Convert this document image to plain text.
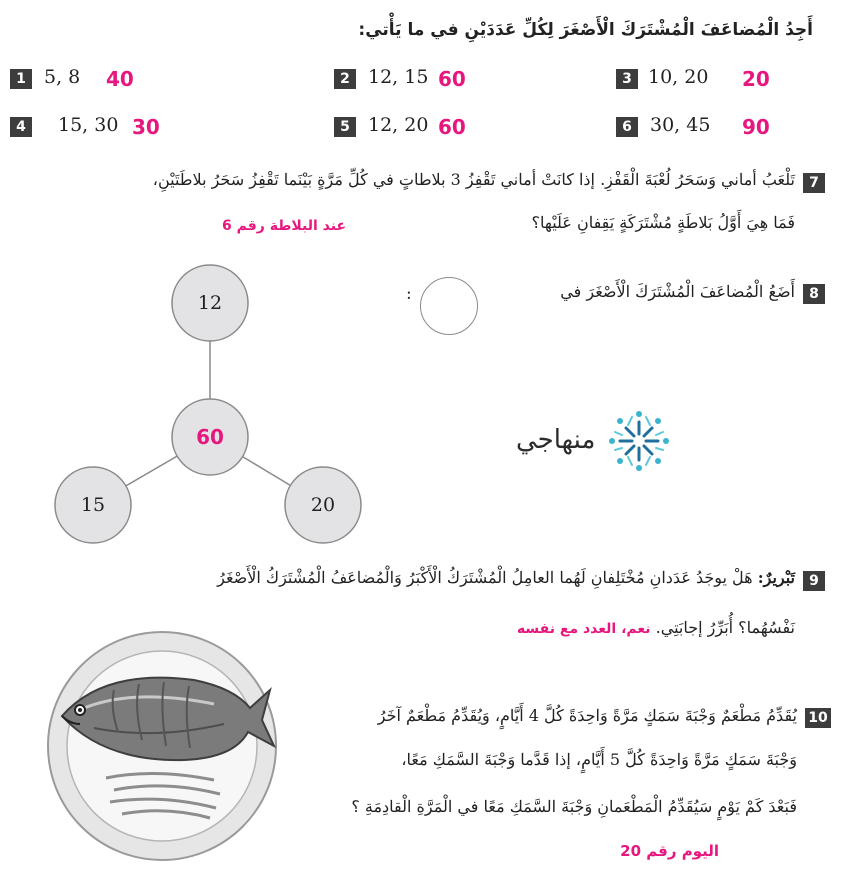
أَجِدُ الْمُضاعَفَ الْمُشْتَرَكَ الْأَصْغَرَ لِكُلِّ عَدَدَيْنِ في ما يَأْتي:
1 5, 8 40	2 12, 15 60	3 10, 20 20
4	15, 30 30	5 12, 20 60	6 30, 45 90
7
تَلْعَبُ أماني وَسَحَرُ لُعْبَةَ الْقَفْزِ. إذا كانَتْ أماني تَقْفِزُ 3 بلاطاتٍ في كُلِّ مَرَّةٍ بَيْنَما تَقْفِزُ سَحَرُ بلاطَتَيْنِ،
فَمَا هِيَ أَوَّلُ بَلاطَةٍ مُشْتَرَكَةٍ يَقِفانِ عَلَيْها؟
عند البلاطة رقم 6
8
أَضَعُ الْمُضاعَفَ الْمُشْتَرَكَ الْأَصْغَرَ في
:
12
60
15	20
منهاجي
9
تَبْريرٌ: هَلْ يوجَدُ عَدَدانِ مُخْتَلِفانِ لَهُما العامِلُ الْمُشْتَرَكُ الْأَكْبَرُ وَالْمُضاعَفُ الْمُشْتَرَكُ الْأَصْغَرُ
نَفْسُهُما؟ أُبَرِّرُ إجابَتِي. نعم، العدد مع نفسه
10
يُقَدِّمُ مَطْعَمٌ وَجْبَةَ سَمَكٍ مَرَّةً وَاحِدَةً كُلَّ 4 أَيَّامٍ، وَيُقَدِّمُ مَطْعَمٌ آخَرُ
وَجْبَةَ سَمَكٍ مَرَّةً وَاحِدَةً كُلَّ 5 أَيَّامٍ، إذا قَدَّما وَجْبَةَ السَّمَكِ مَعًا،
فَبَعْدَ كَمْ يَوْمٍ سَيُقَدِّمُ الْمَطْعَمانِ وَجْبَةَ السَّمَكِ مَعًا في الْمَرَّةِ الْقادِمَةِ ؟
اليوم رقم 20
